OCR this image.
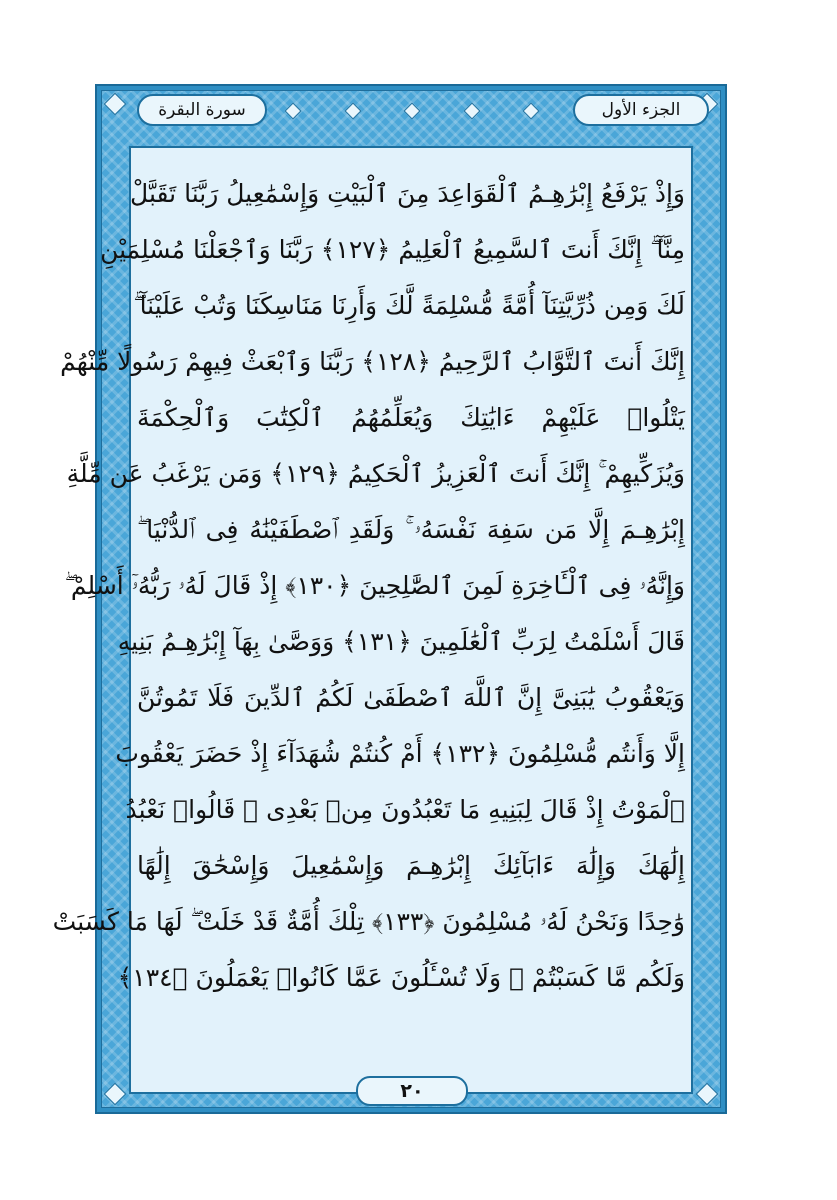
الجزء الأول
سورة البقرة
وَإِذْ يَرْفَعُ إِبْرَٰهِـمُ ٱلْقَوَاعِدَ مِنَ ٱلْبَيْتِ وَإِسْمَٰعِيلُ رَبَّنَا تَقَبَّلْ
مِنَّآ ۖ إِنَّكَ أَنتَ ٱلسَّمِيعُ ٱلْعَلِيمُ ﴿١٢٧﴾ رَبَّنَا وَٱجْعَلْنَا مُسْلِمَيْنِ
لَكَ وَمِن ذُرِّيَّتِنَآ أُمَّةً مُّسْلِمَةً لَّكَ وَأَرِنَا مَنَاسِكَنَا وَتُبْ عَلَيْنَآ ۖ
إِنَّكَ أَنتَ ٱلتَّوَّابُ ٱلرَّحِيمُ ﴿١٢٨﴾ رَبَّنَا وَٱبْعَثْ فِيهِمْ رَسُولًا مِّنْهُمْ
يَتْلُوا۟ عَلَيْهِمْ ءَايَٰتِكَ وَيُعَلِّمُهُمُ ٱلْكِتَٰبَ وَٱلْحِكْمَةَ
وَيُزَكِّيهِمْ ۚ إِنَّكَ أَنتَ ٱلْعَزِيزُ ٱلْحَكِيمُ ﴿١٢٩﴾ وَمَن يَرْغَبُ عَن مِّلَّةِ
إِبْرَٰهِـمَ إِلَّا مَن سَفِهَ نَفْسَهُۥ ۚ وَلَقَدِ ٱصْطَفَيْنَٰهُ فِى ٱلدُّنْيَا ۖ
وَإِنَّهُۥ فِى ٱلْـَٔاخِرَةِ لَمِنَ ٱلصَّٰلِحِينَ ﴿١٣٠﴾ إِذْ قَالَ لَهُۥ رَبُّهُۥٓ أَسْلِمْ ۖ
قَالَ أَسْلَمْتُ لِرَبِّ ٱلْعَٰلَمِينَ ﴿١٣١﴾ وَوَصَّىٰ بِهَآ إِبْرَٰهِـمُ بَنِيهِ
وَيَعْقُوبُ يَٰبَنِىَّ إِنَّ ٱللَّهَ ٱصْطَفَىٰ لَكُمُ ٱلدِّينَ فَلَا تَمُوتُنَّ
إِلَّا وَأَنتُم مُّسْلِمُونَ ﴿١٣٢﴾ أَمْ كُنتُمْ شُهَدَآءَ إِذْ حَضَرَ يَعْقُوبَ
ٱلْمَوْتُ إِذْ قَالَ لِبَنِيهِ مَا تَعْبُدُونَ مِنۢ بَعْدِى ۖ قَالُوا۟ نَعْبُدُ
إِلَٰهَكَ وَإِلَٰهَ ءَابَآئِكَ إِبْرَٰهِـمَ وَإِسْمَٰعِيلَ وَإِسْحَٰقَ إِلَٰهًا
وَٰحِدًا وَنَحْنُ لَهُۥ مُسْلِمُونَ ﴿١٣٣﴾ تِلْكَ أُمَّةٌ قَدْ خَلَتْ ۖ لَهَا مَا كَسَبَتْ
وَلَكُم مَّا كَسَبْتُمْ ۖ وَلَا تُسْـَٔلُونَ عَمَّا كَانُوا۟ يَعْمَلُونَ ﴿١٣٤﴾
٢٠
